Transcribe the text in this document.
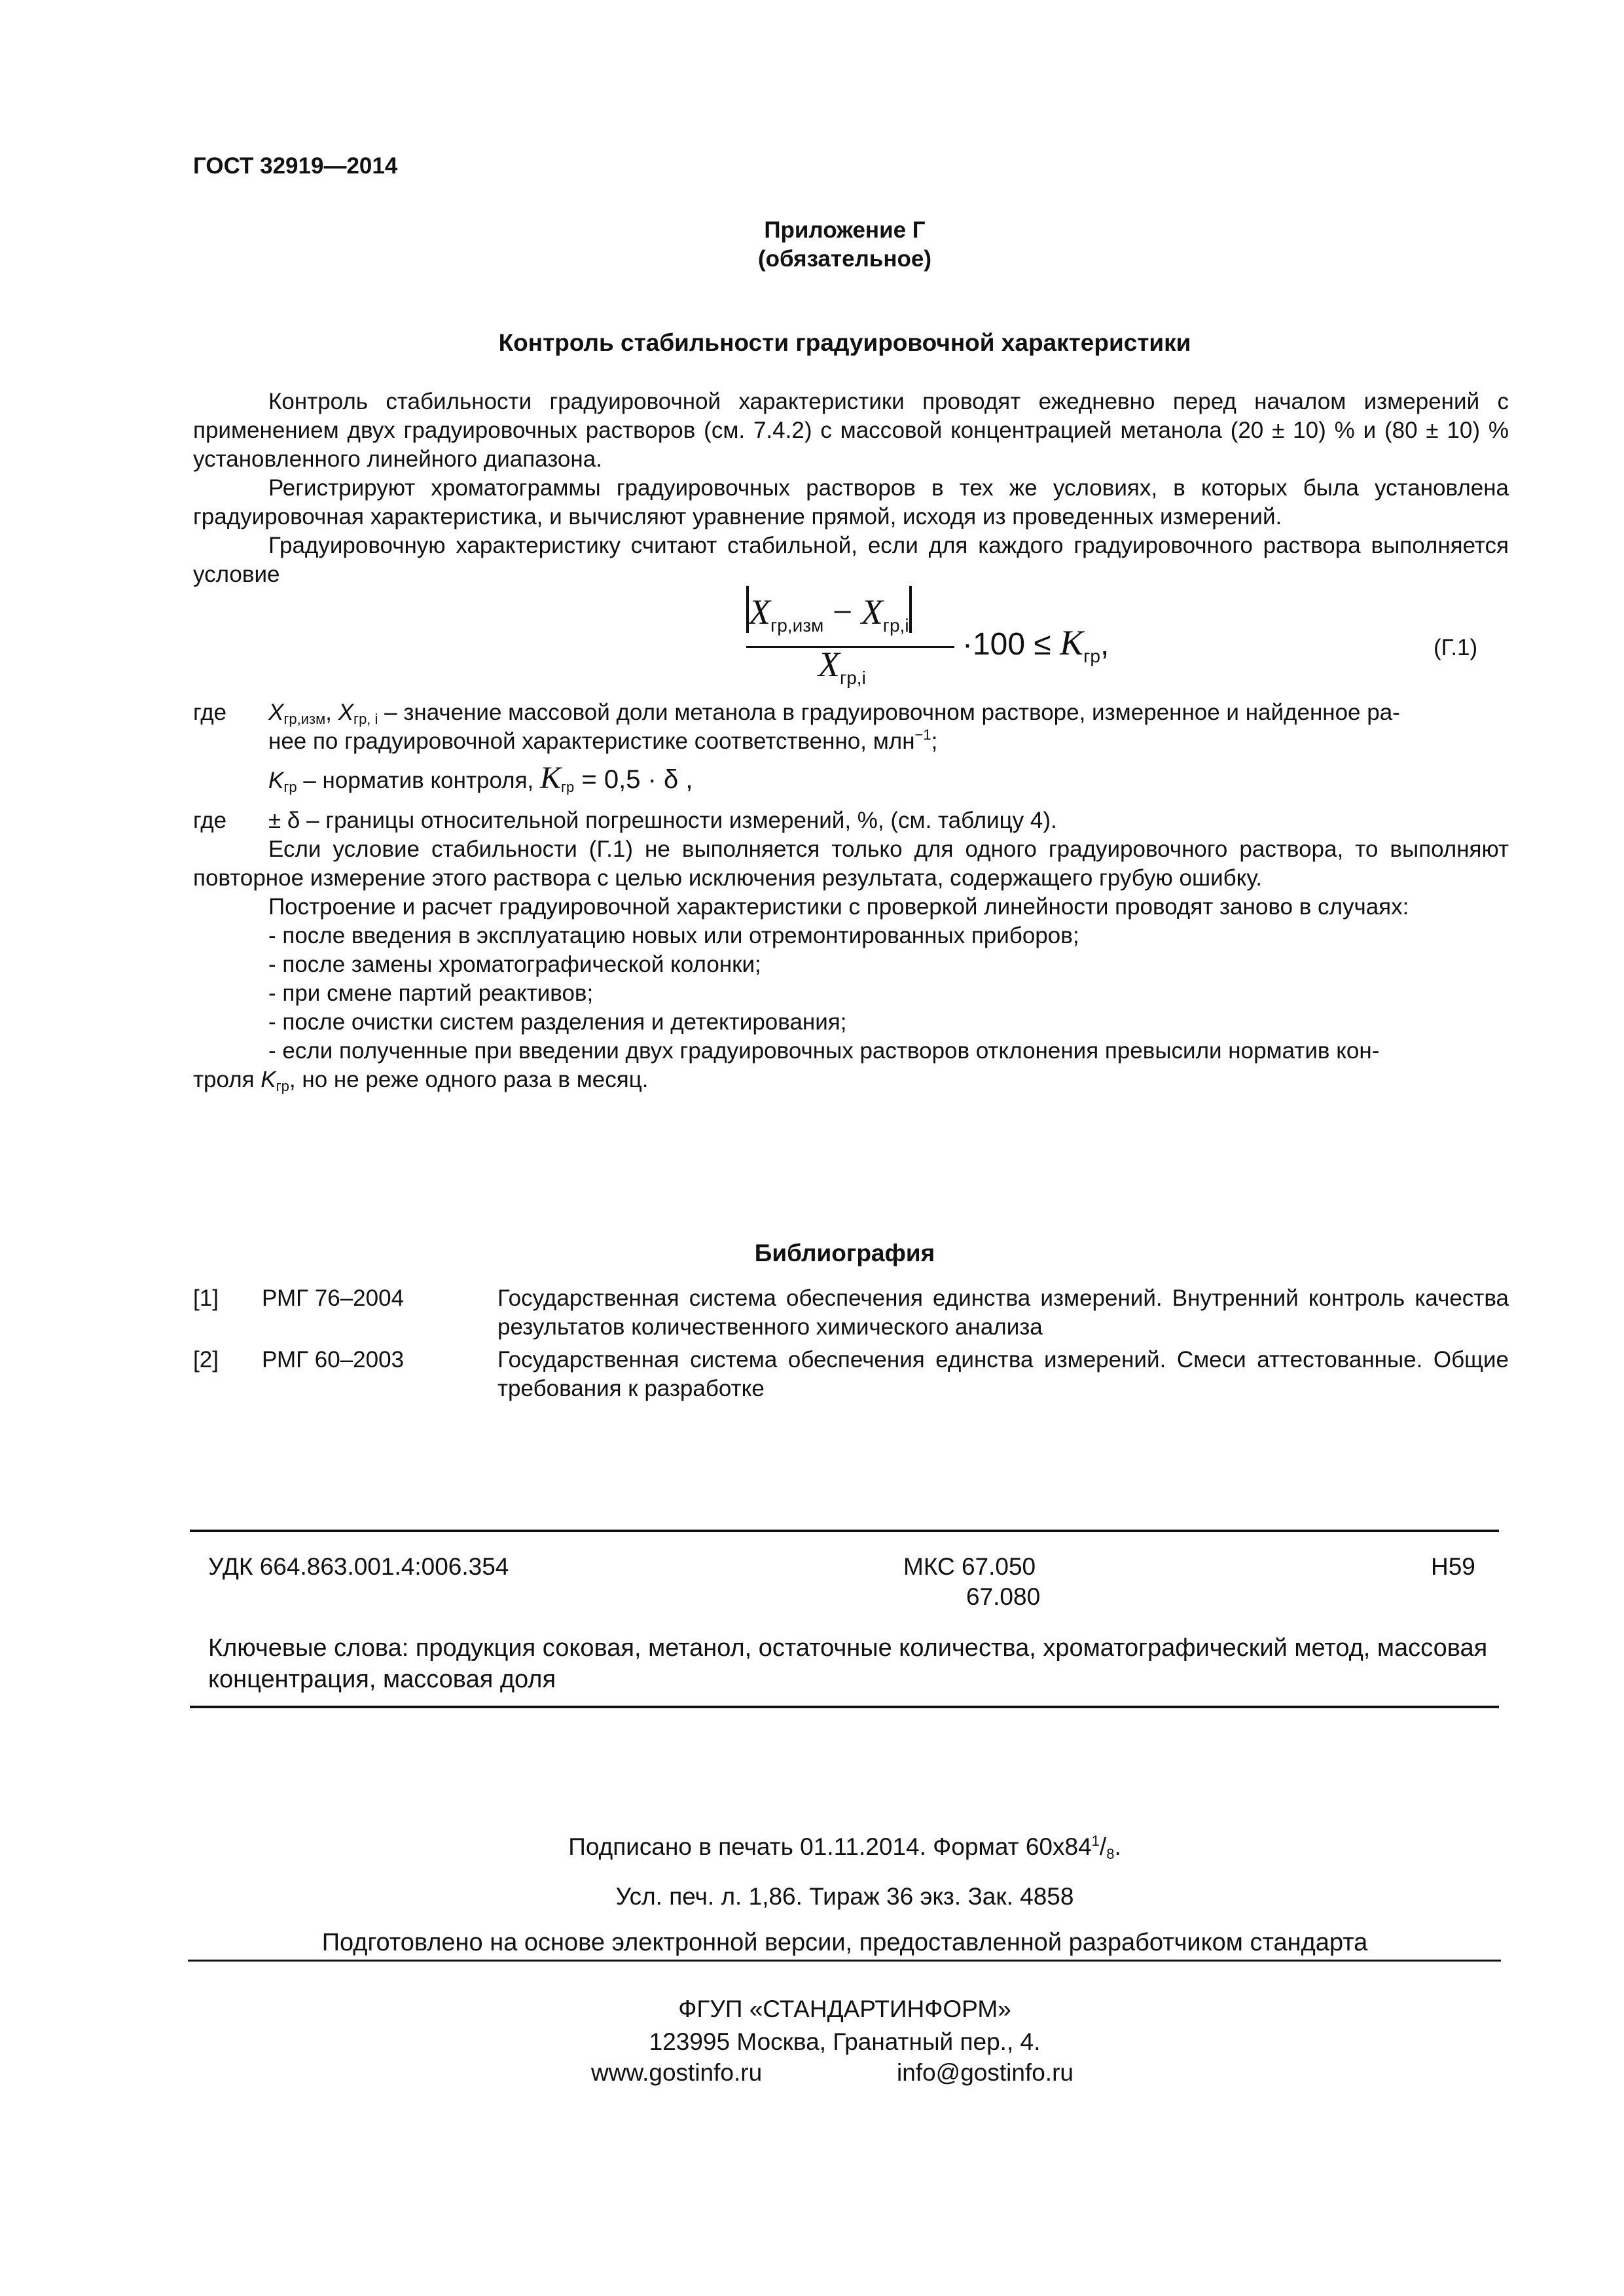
ГОСТ 32919—2014
Приложение Г
(обязательное)
Контроль стабильности градуировочной характеристики
Контроль стабильности градуировочной характеристики проводят ежедневно перед началом измерений с применением двух градуировочных растворов (см. 7.4.2) с массовой концентрацией метанола (20 ± 10) % и (80 ± 10) % установленного линейного диапазона.
Регистрируют хроматограммы градуировочных растворов в тех же условиях, в которых была установлена градуировочная характеристика, и вычисляют уравнение прямой, исходя из проведенных измерений.
Градуировочную характеристику считают стабильной, если для каждого градуировочного раствора выполняется условие
$X_{гр,изм} - X_{гр,i}$
$X_{гр,i}$
$\cdot 100 \le K_{гр}$,	(Г.1)
где $X_{гр,изм}$, $X_{гр, i}$ – значение массовой доли метанола в градуировочном растворе, измеренное и найденное ра-
нее по градуировочной характеристике соответственно, млн$^{-1}$;
$K_{гр}$ – норматив контроля, $K_{гр} = 0,5 \cdot \delta$ ,
где ± δ – границы относительной погрешности измерений, %, (см. таблицу 4).
Если условие стабильности (Г.1) не выполняется только для одного градуировочного раствора, то выполняют повторное измерение этого раствора с целью исключения результата, содержащего грубую ошибку.
Построение и расчет градуировочной характеристики с проверкой линейности проводят заново в случаях:
- после введения в эксплуатацию новых или отремонтированных приборов;
- после замены хроматографической колонки;
- при смене партий реактивов;
- после очистки систем разделения и детектирования;
- если полученные при введении двух градуировочных растворов отклонения превысили норматив кон-
троля $K_{гр}$, но не реже одного раза в месяц.
Библиография
[1] РМГ 76–2004	Государственная система обеспечения единства измерений. Внутренний контроль качества результатов количественного химического анализа
[2] РМГ 60–2003	Государственная система обеспечения единства измерений. Смеси аттестованные. Общие требования к разработке
УДК 664.863.001.4:006.354	МКС 67.050
67.080
Н59
Ключевые слова: продукция соковая, метанол, остаточные количества, хроматографический метод, массовая концентрация, массовая доля
Подписано в печать 01.11.2014. Формат $60x84^1/_8$.
Усл. печ. л. 1,86. Тираж 36 экз. Зак. 4858
Подготовлено на основе электронной версии, предоставленной разработчиком стандарта
ФГУП «СТАНДАРТИНФОРМ»
123995 Москва, Гранатный пер., 4.
www.gostinfo.ru	info@gostinfo.ru
